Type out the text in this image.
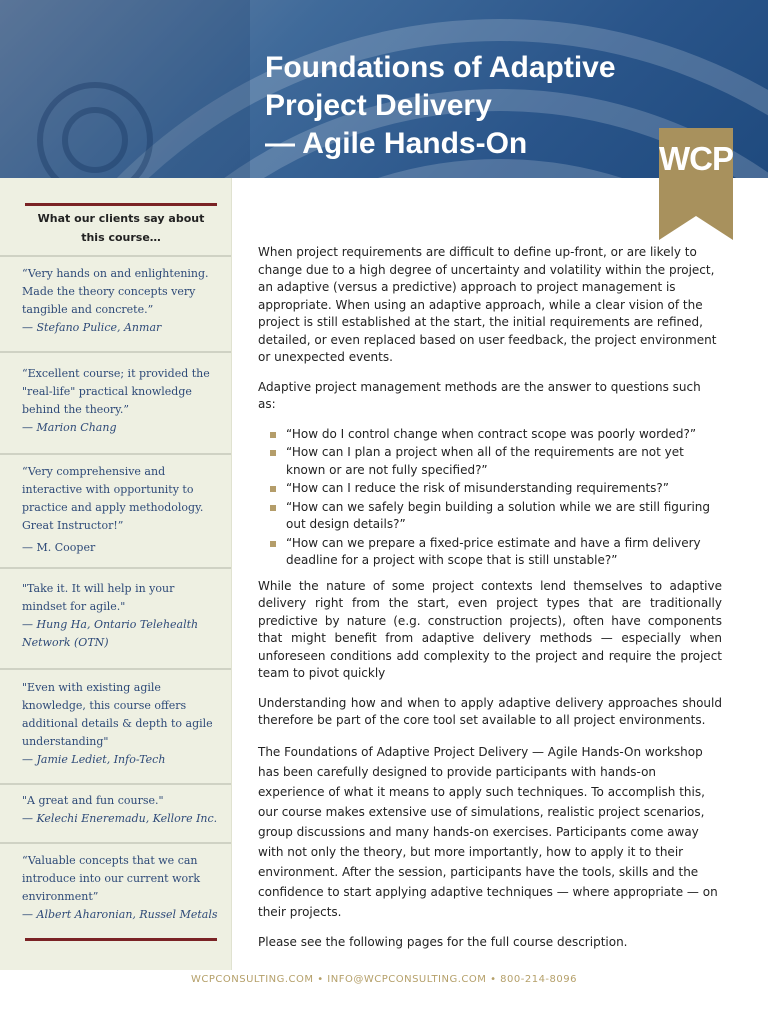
Foundations of Adaptive
Project Delivery
— Agile Hands-On	WCP
What our clients say about this course…
“Very hands on and enlightening. Made the theory concepts very tangible and concrete.”
— Stefano Pulice, Anmar
“Excellent course; it provided the "real-life" practical knowledge behind the theory.”
— Marion Chang
“Very comprehensive and interactive with opportunity to practice and apply methodology. Great Instructor!”
— M. Cooper
"Take it. It will help in your mindset for agile."
— Hung Ha, Ontario Telehealth Network (OTN)
"Even with existing agile knowledge, this course offers additional details & depth to agile understanding"
— Jamie Lediet, Info-Tech
"A great and fun course."
— Kelechi Eneremadu, Kellore Inc.
“Valuable concepts that we can introduce into our current work environment”
— Albert Aharonian, Russel Metals

When project requirements are difficult to define up-front, or are likely to change due to a high degree of uncertainty and volatility within the project, an adaptive (versus a predictive) approach to project management is appropriate. When using an adaptive approach, while a clear vision of the project is still established at the start, the initial requirements are refined, detailed, or even replaced based on user feedback, the project environment or unexpected events.

Adaptive project management methods are the answer to questions such as:

“How do I control change when contract scope was poorly worded?”
“How can I plan a project when all of the requirements are not yet known or are not fully specified?”
“How can I reduce the risk of misunderstanding requirements?”
“How can we safely begin building a solution while we are still figuring out design details?”
“How can we prepare a fixed-price estimate and have a firm delivery deadline for a project with scope that is still unstable?”

While the nature of some project contexts lend themselves to adaptive delivery right from the start, even project types that are traditionally predictive by nature (e.g. construction projects), often have components that might benefit from adaptive delivery methods — especially when unforeseen conditions add complexity to the project and require the project team to pivot quickly

Understanding how and when to apply adaptive delivery approaches should therefore be part of the core tool set available to all project environments.

The Foundations of Adaptive Project Delivery — Agile Hands-On workshop has been carefully designed to provide participants with hands-on experience of what it means to apply such techniques. To accomplish this, our course makes extensive use of simulations, realistic project scenarios, group discussions and many hands-on exercises. Participants come away with not only the theory, but more importantly, how to apply it to their environment. After the session, participants have the tools, skills and the confidence to start applying adaptive techniques — where appropriate — on their projects.

Please see the following pages for the full course description.

WCPCONSULTING.COM • INFO@WCPCONSULTING.COM • 800-214-8096
